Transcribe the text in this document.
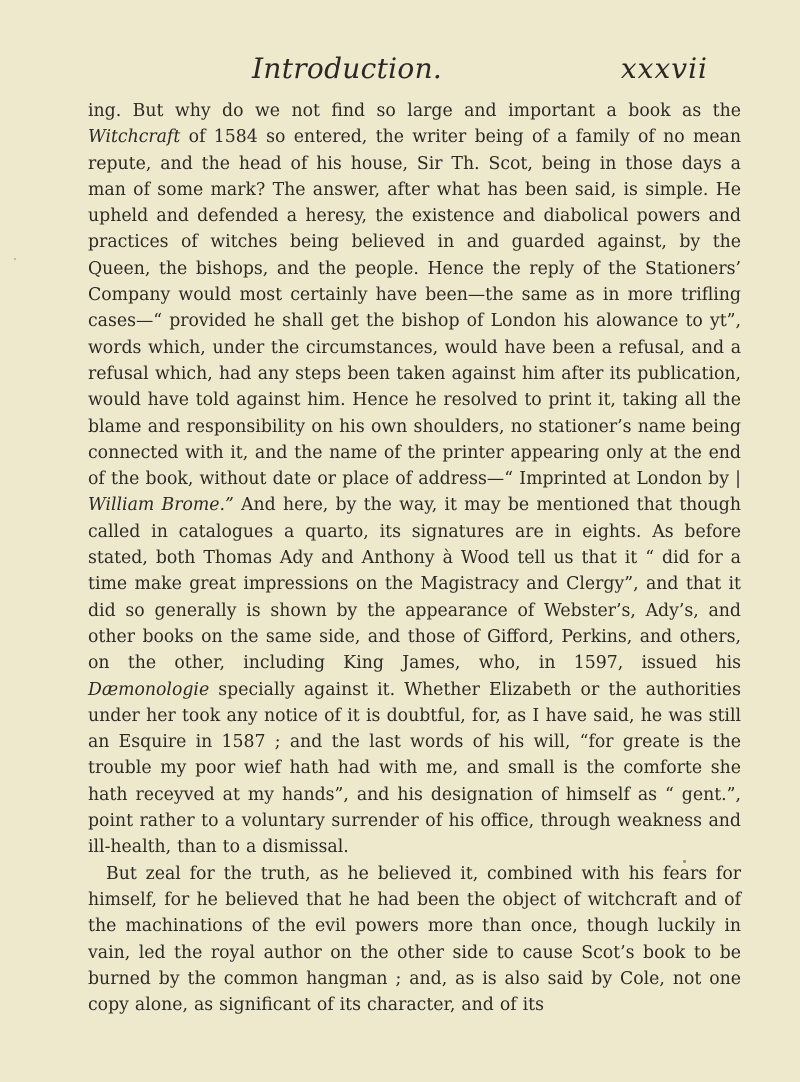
Introduction.	xxxvii

ing. But why do we not find so large and important a book as the Witchcraft of 1584 so entered, the writer being of a family of no mean repute, and the head of his house, Sir Th. Scot, being in those days a man of some mark? The answer, after what has been said, is simple. He upheld and defended a heresy, the existence and diabolical powers and practices of witches being believed in and guarded against, by the Queen, the bishops, and the people. Hence the reply of the Stationers’ Company would most certainly have been—the same as in more trifling cases—“ provided he shall get the bishop of London his alowance to yt”, words which, under the circumstances, would have been a refusal, and a refusal which, had any steps been taken against him after its publication, would have told against him. Hence he resolved to print it, taking all the blame and responsibility on his own shoulders, no stationer’s name being connected with it, and the name of the printer appearing only at the end of the book, without date or place of address—“ Imprinted at London by | William Brome.” And here, by the way, it may be mentioned that though called in catalogues a quarto, its signatures are in eights. As before stated, both Thomas Ady and Anthony à Wood tell us that it “ did for a time make great impressions on the Magistracy and Clergy”, and that it did so generally is shown by the appearance of Webster’s, Ady’s, and other books on the same side, and those of Gifford, Perkins, and others, on the other, including King James, who, in 1597, issued his Dæmonologie specially against it. Whether Elizabeth or the authorities under her took any notice of it is doubtful, for, as I have said, he was still an Esquire in 1587 ; and the last words of his will, “for greate is the trouble my poor wief hath had with me, and small is the comforte she hath receyved at my hands”, and his designation of himself as “ gent.”, point rather to a voluntary surrender of his office, through weakness and ill-health, than to a dismissal.

But zeal for the truth, as he believed it, combined with his fears for himself, for he believed that he had been the object of witchcraft and of the machinations of the evil powers more than once, though luckily in vain, led the royal author on the other side to cause Scot’s book to be burned by the common hangman ; and, as is also said by Cole, not one copy alone, as significant of its character, and of its
